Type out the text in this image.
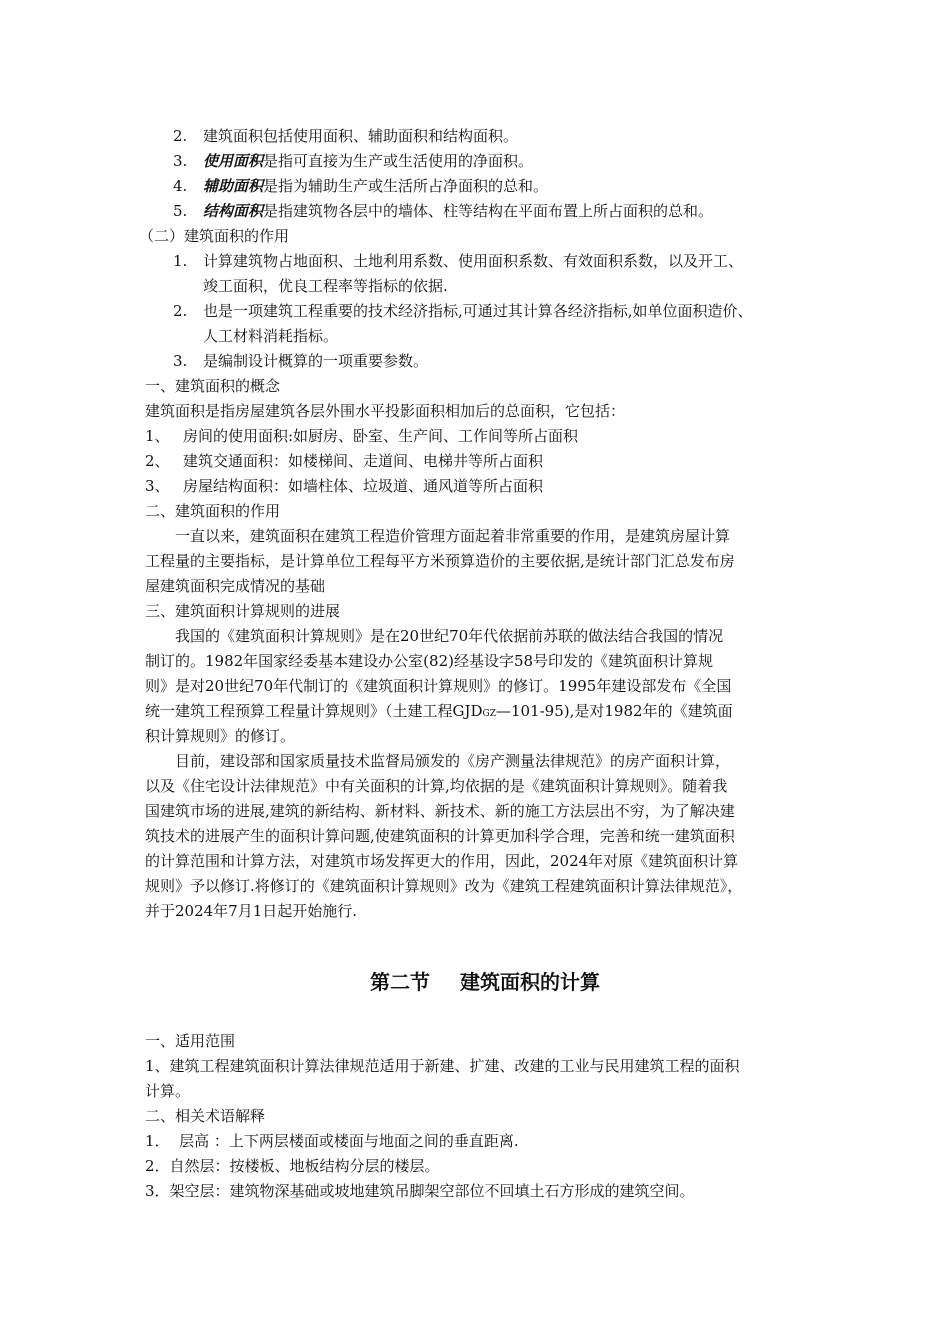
2. 建筑面积包括使用面积、辅助面积和结构面积。
3. 使用面积是指可直接为生产或生活使用的净面积。
4. 辅助面积是指为辅助生产或生活所占净面积的总和。
5. 结构面积是指建筑物各层中的墙体、柱等结构在平面布置上所占面积的总和。
（二）建筑面积的作用
1. 计算建筑物占地面积、土地利用系数、使用面积系数、有效面积系数，以及开工、
竣工面积，优良工程率等指标的依据.
2. 也是一项建筑工程重要的技术经济指标,可通过其计算各经济指标,如单位面积造价、
人工材料消耗指标。
3. 是编制设计概算的一项重要参数。
一、建筑面积的概念
建筑面积是指房屋建筑各层外围水平投影面积相加后的总面积，它包括：
1、 房间的使用面积:如厨房、卧室、生产间、工作间等所占面积
2、 建筑交通面积：如楼梯间、走道间、电梯井等所占面积
3、 房屋结构面积：如墙柱体、垃圾道、通风道等所占面积
二、建筑面积的作用
一直以来，建筑面积在建筑工程造价管理方面起着非常重要的作用，是建筑房屋计算
工程量的主要指标，是计算单位工程每平方米预算造价的主要依据,是统计部门汇总发布房
屋建筑面积完成情况的基础
三、建筑面积计算规则的进展
我国的《建筑面积计算规则》是在20世纪70年代依据前苏联的做法结合我国的情况
制订的。1982年国家经委基本建设办公室(82)经基设字58号印发的《建筑面积计算规
则》是对20世纪70年代制订的《建筑面积计算规则》的修订。1995年建设部发布《全国
统一建筑工程预算工程量计算规则》（土建工程GJDGZ—101-95),是对1982年的《建筑面
积计算规则》的修订。
目前，建设部和国家质量技术监督局颁发的《房产测量法律规范》的房产面积计算，
以及《住宅设计法律规范》中有关面积的计算,均依据的是《建筑面积计算规则》。随着我
国建筑市场的进展,建筑的新结构、新材料、新技术、新的施工方法层出不穷，为了解决建
筑技术的进展产生的面积计算问题,使建筑面积的计算更加科学合理，完善和统一建筑面积
的计算范围和计算方法，对建筑市场发挥更大的作用，因此，2024年对原《建筑面积计算
规则》予以修订.将修订的《建筑面积计算规则》改为《建筑工程建筑面积计算法律规范》，
并于2024年7月1日起开始施行.
第二节 建筑面积的计算
一、适用范围
1、建筑工程建筑面积计算法律规范适用于新建、扩建、改建的工业与民用建筑工程的面积
计算。
二、相关术语解释
1．  层高 ：上下两层楼面或楼面与地面之间的垂直距离.
2．自然层：按楼板、地板结构分层的楼层。
3．架空层：建筑物深基础或坡地建筑吊脚架空部位不回填土石方形成的建筑空间。
